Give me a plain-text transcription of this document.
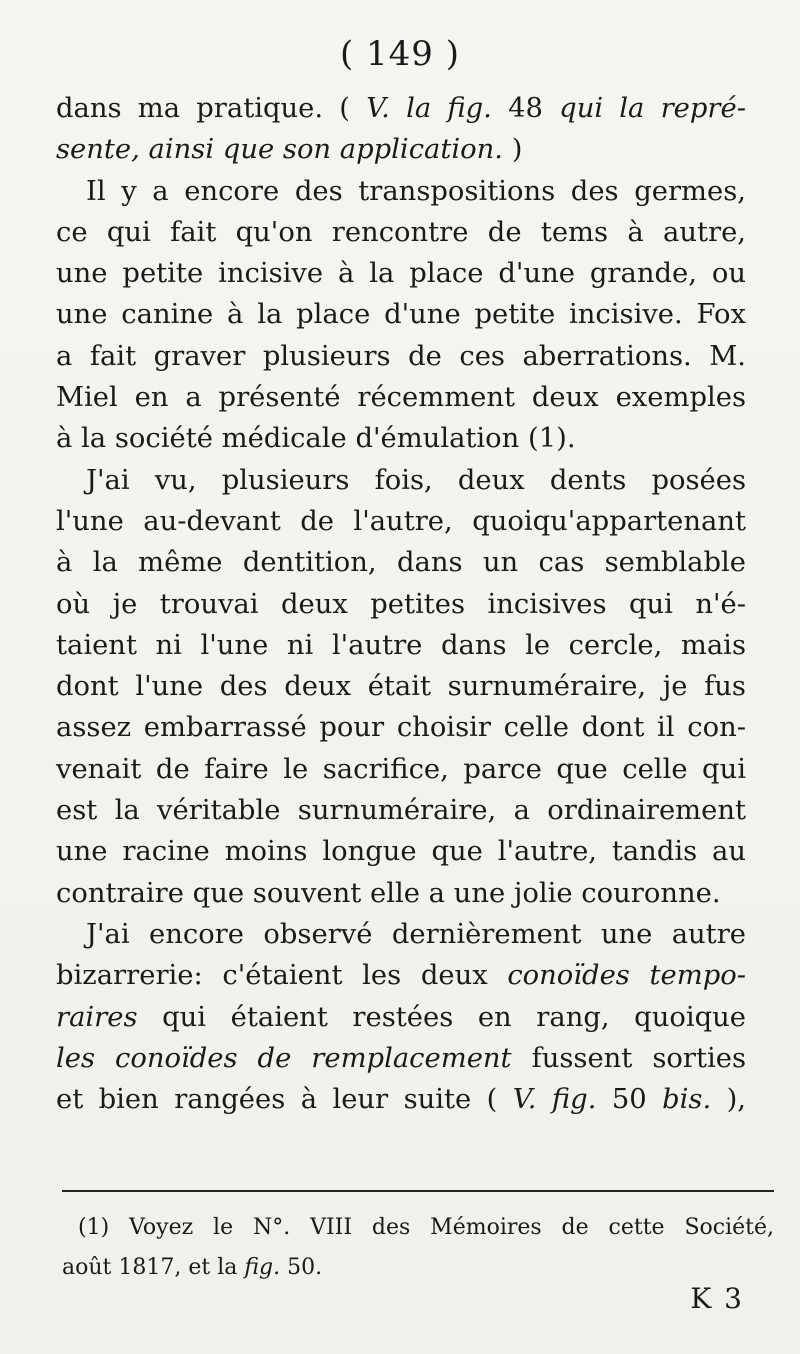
( 149 )
dans ma pratique. ( V. la fig. 48 qui la repré-
sente, ainsi que son application. )
Il y a encore des transpositions des germes,
ce qui fait qu'on rencontre de tems à autre,
une petite incisive à la place d'une grande, ou
une canine à la place d'une petite incisive. Fox
a fait graver plusieurs de ces aberrations. M.
Miel en a présenté récemment deux exemples
à la société médicale d'émulation (1).
J'ai vu, plusieurs fois, deux dents posées
l'une au-devant de l'autre, quoiqu'appartenant
à la même dentition, dans un cas semblable
où je trouvai deux petites incisives qui n'é-
taient ni l'une ni l'autre dans le cercle, mais
dont l'une des deux était surnuméraire, je fus
assez embarrassé pour choisir celle dont il con-
venait de faire le sacrifice, parce que celle qui
est la véritable surnuméraire, a ordinairement
une racine moins longue que l'autre, tandis au
contraire que souvent elle a une jolie couronne.
J'ai encore observé dernièrement une autre
bizarrerie: c'étaient les deux conoïdes tempo-
raires qui étaient restées en rang, quoique
les conoïdes de remplacement fussent sorties
et bien rangées à leur suite ( V. fig. 50 bis. ),
(1) Voyez le N°. VIII des Mémoires de cette Société,
août 1817, et la fig. 50.
K 3
